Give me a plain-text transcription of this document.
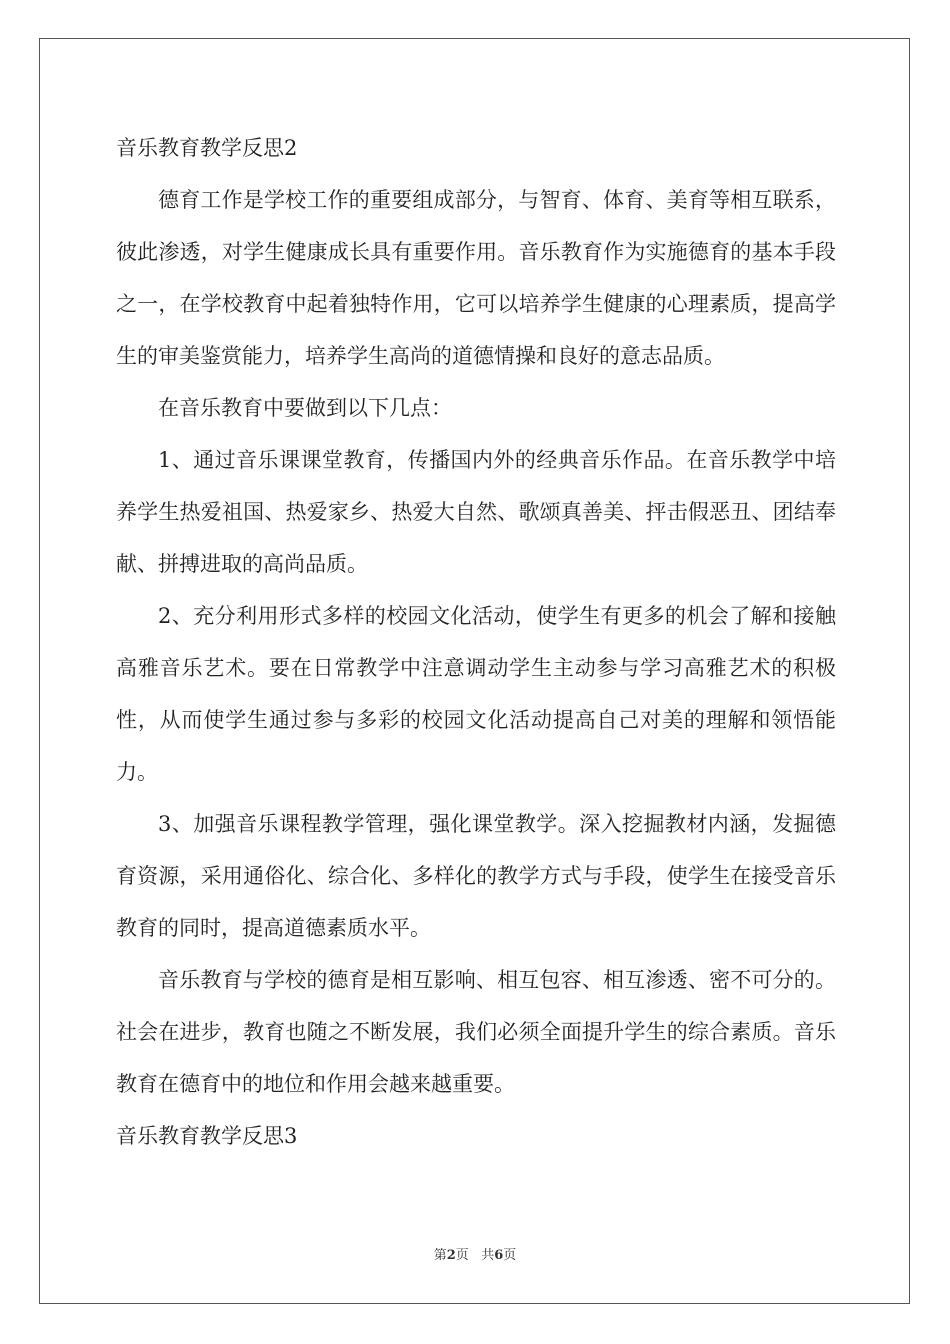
音乐教育教学反思2

德育工作是学校工作的重要组成部分，与智育、体育、美育等相互联系，彼此渗透，对学生健康成长具有重要作用。音乐教育作为实施德育的基本手段之一，在学校教育中起着独特作用，它可以培养学生健康的心理素质，提高学生的审美鉴赏能力，培养学生高尚的道德情操和良好的意志品质。

在音乐教育中要做到以下几点：

1、通过音乐课课堂教育，传播国内外的经典音乐作品。在音乐教学中培养学生热爱祖国、热爱家乡、热爱大自然、歌颂真善美、抨击假恶丑、团结奉献、拼搏进取的高尚品质。

2、充分利用形式多样的校园文化活动，使学生有更多的机会了解和接触高雅音乐艺术。要在日常教学中注意调动学生主动参与学习高雅艺术的积极性，从而使学生通过参与多彩的校园文化活动提高自己对美的理解和领悟能力。

3、加强音乐课程教学管理，强化课堂教学。深入挖掘教材内涵，发掘德育资源，采用通俗化、综合化、多样化的教学方式与手段，使学生在接受音乐教育的同时，提高道德素质水平。

音乐教育与学校的德育是相互影响、相互包容、相互渗透、密不可分的。社会在进步，教育也随之不断发展，我们必须全面提升学生的综合素质。音乐教育在德育中的地位和作用会越来越重要。

音乐教育教学反思3
第2页   共6页
